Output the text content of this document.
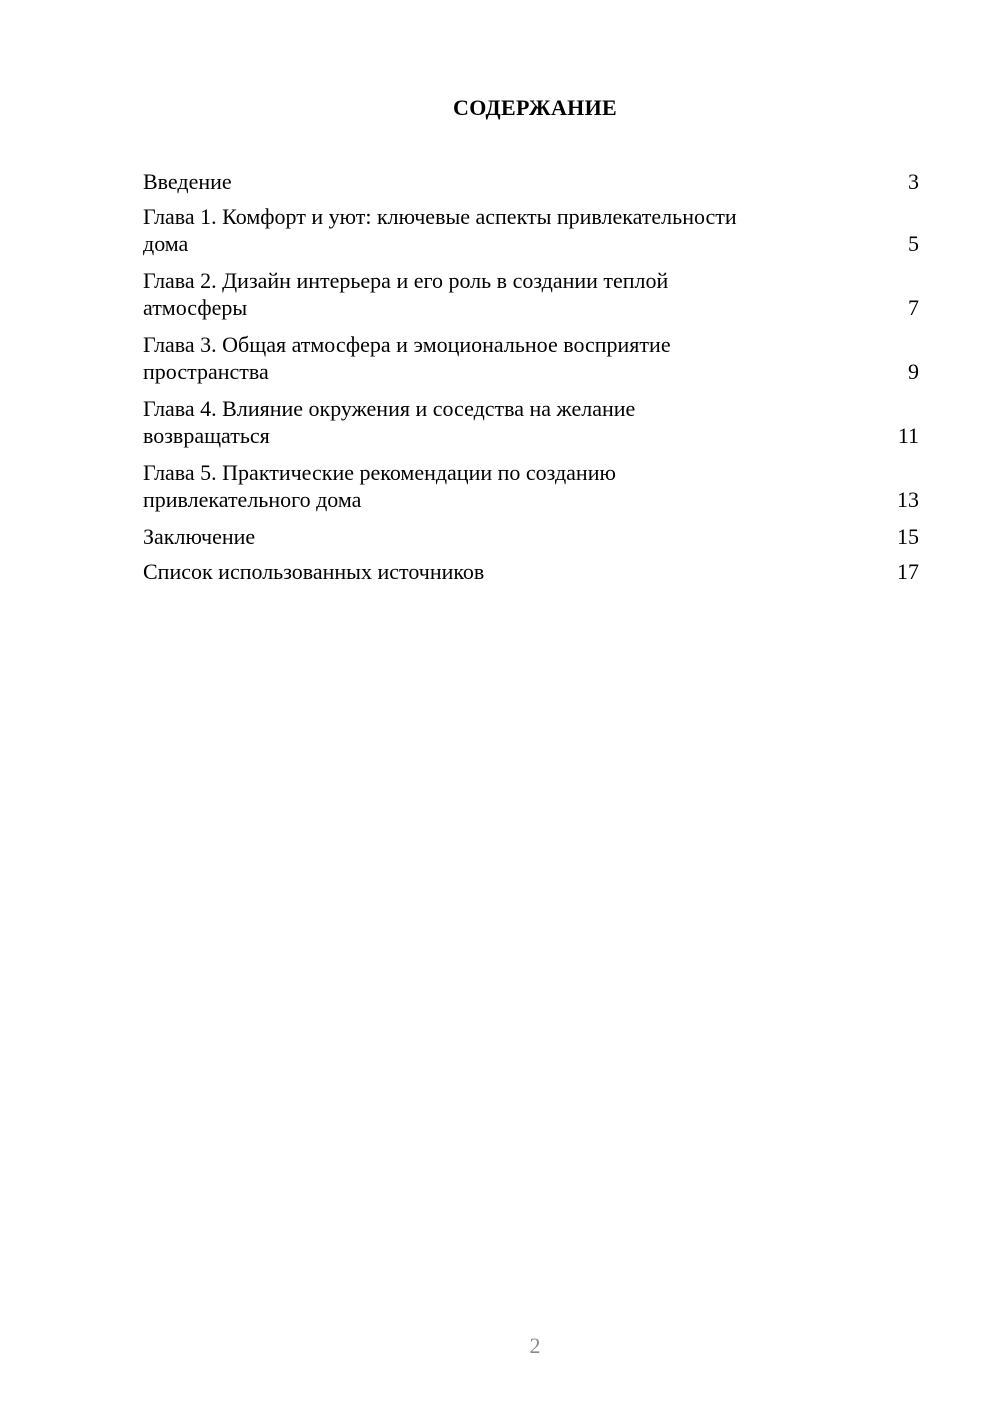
СОДЕРЖАНИЕ
Введение	3
Глава 1. Комфорт и уют: ключевые аспекты привлекательности
дома	5
Глава 2. Дизайн интерьера и его роль в создании теплой
атмосферы	7
Глава 3. Общая атмосфера и эмоциональное восприятие
пространства	9
Глава 4. Влияние окружения и соседства на желание
возвращаться	11
Глава 5. Практические рекомендации по созданию
привлекательного дома	13
Заключение	15
Список использованных источников	17
2
